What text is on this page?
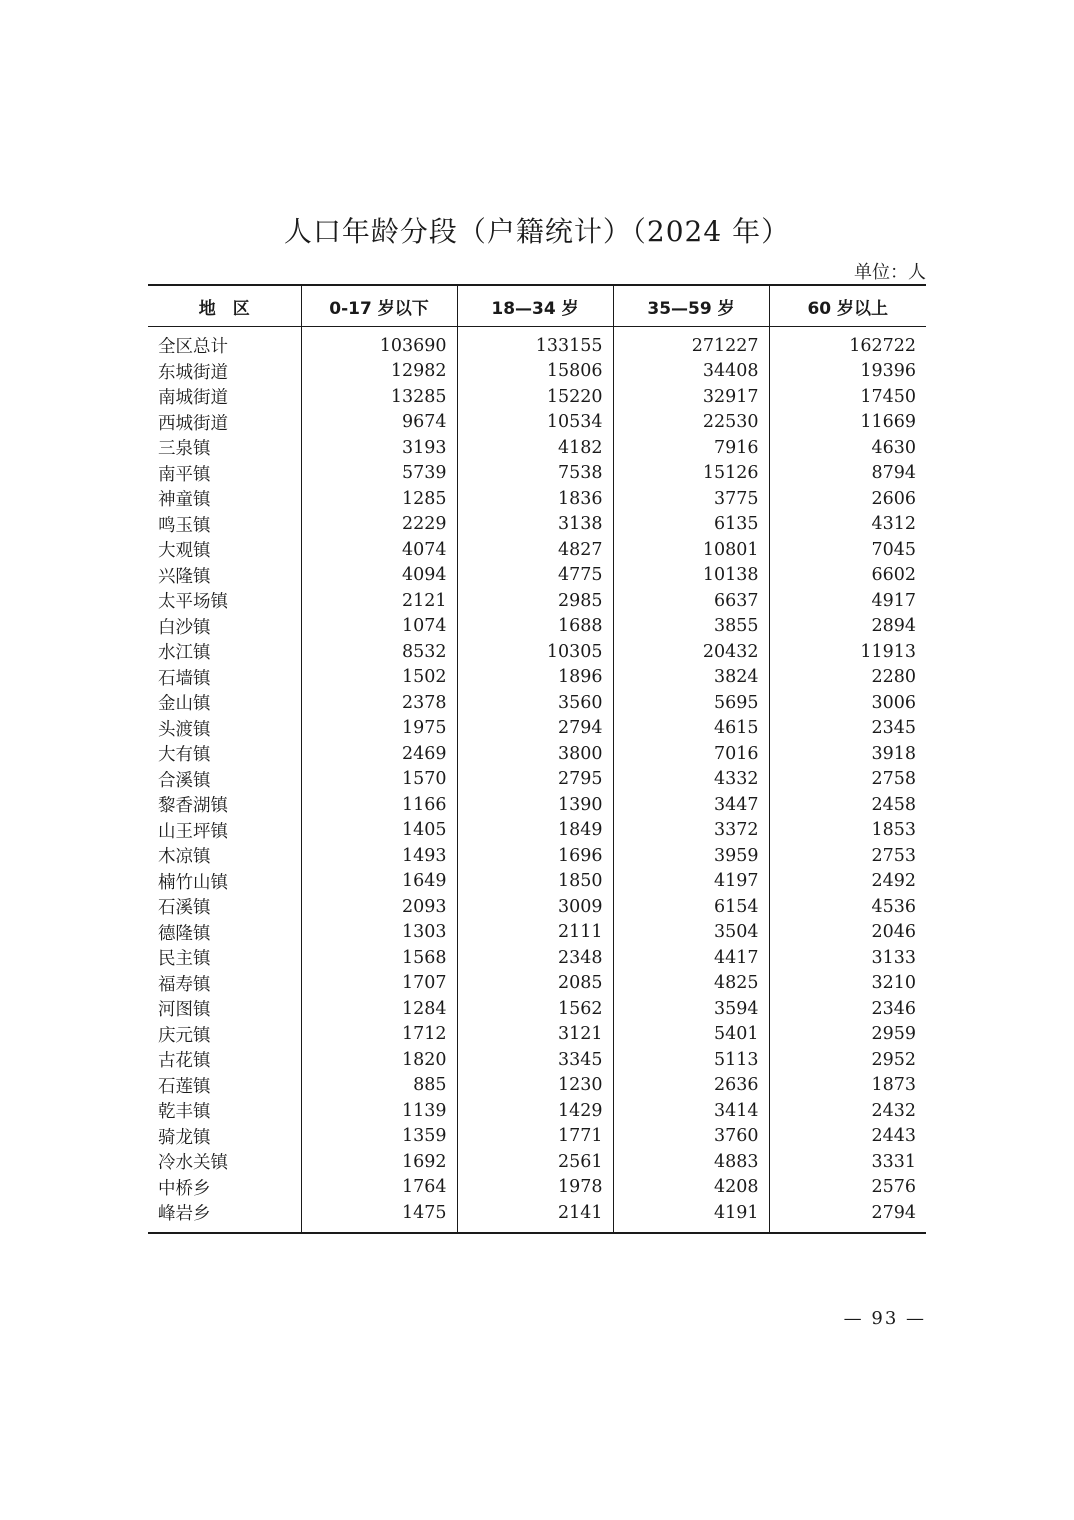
人口年龄分段（户籍统计）（2024 年）
单位：人
地　区	0-17 岁以下	18—34 岁	35—59 岁	60 岁以上
全区总计	103690	133155	271227	162722
东城街道	12982	15806	34408	19396
南城街道	13285	15220	32917	17450
西城街道	9674	10534	22530	11669
三泉镇	3193	4182	7916	4630
南平镇	5739	7538	15126	8794
神童镇	1285	1836	3775	2606
鸣玉镇	2229	3138	6135	4312
大观镇	4074	4827	10801	7045
兴隆镇	4094	4775	10138	6602
太平场镇	2121	2985	6637	4917
白沙镇	1074	1688	3855	2894
水江镇	8532	10305	20432	11913
石墙镇	1502	1896	3824	2280
金山镇	2378	3560	5695	3006
头渡镇	1975	2794	4615	2345
大有镇	2469	3800	7016	3918
合溪镇	1570	2795	4332	2758
黎香湖镇	1166	1390	3447	2458
山王坪镇	1405	1849	3372	1853
木凉镇	1493	1696	3959	2753
楠竹山镇	1649	1850	4197	2492
石溪镇	2093	3009	6154	4536
德隆镇	1303	2111	3504	2046
民主镇	1568	2348	4417	3133
福寿镇	1707	2085	4825	3210
河图镇	1284	1562	3594	2346
庆元镇	1712	3121	5401	2959
古花镇	1820	3345	5113	2952
石莲镇	885	1230	2636	1873
乾丰镇	1139	1429	3414	2432
骑龙镇	1359	1771	3760	2443
冷水关镇	1692	2561	4883	3331
中桥乡	1764	1978	4208	2576
峰岩乡	1475	2141	4191	2794
— 93 —
